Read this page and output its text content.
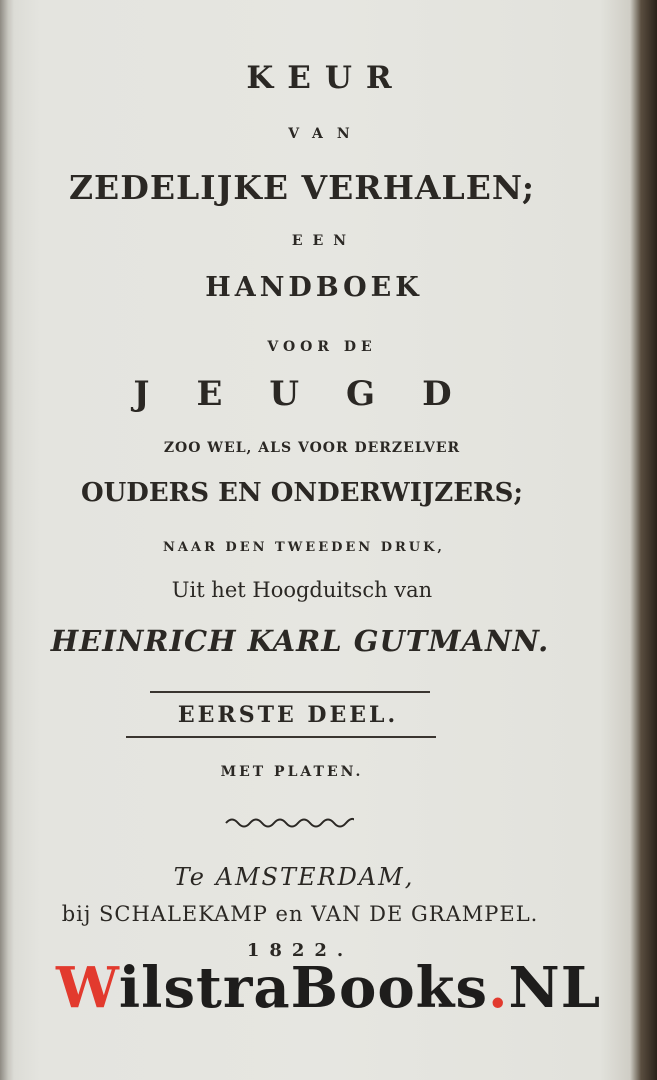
KEUR
VAN
ZEDELIJKE VERHALEN;
EEN
HANDBOEK
VOOR DE
JEUGD
ZOO WEL, ALS VOOR DERZELVER
OUDERS EN ONDERWIJZERS;
NAAR DEN TWEEDEN DRUK,
Uit het Hoogduitsch van
HEINRICH KARL GUTMANN.
EERSTE DEEL.
MET PLATEN.
Te AMSTERDAM,
bij SCHALEKAMP en VAN DE GRAMPEL.
1822.
WilstraBooks.NL
